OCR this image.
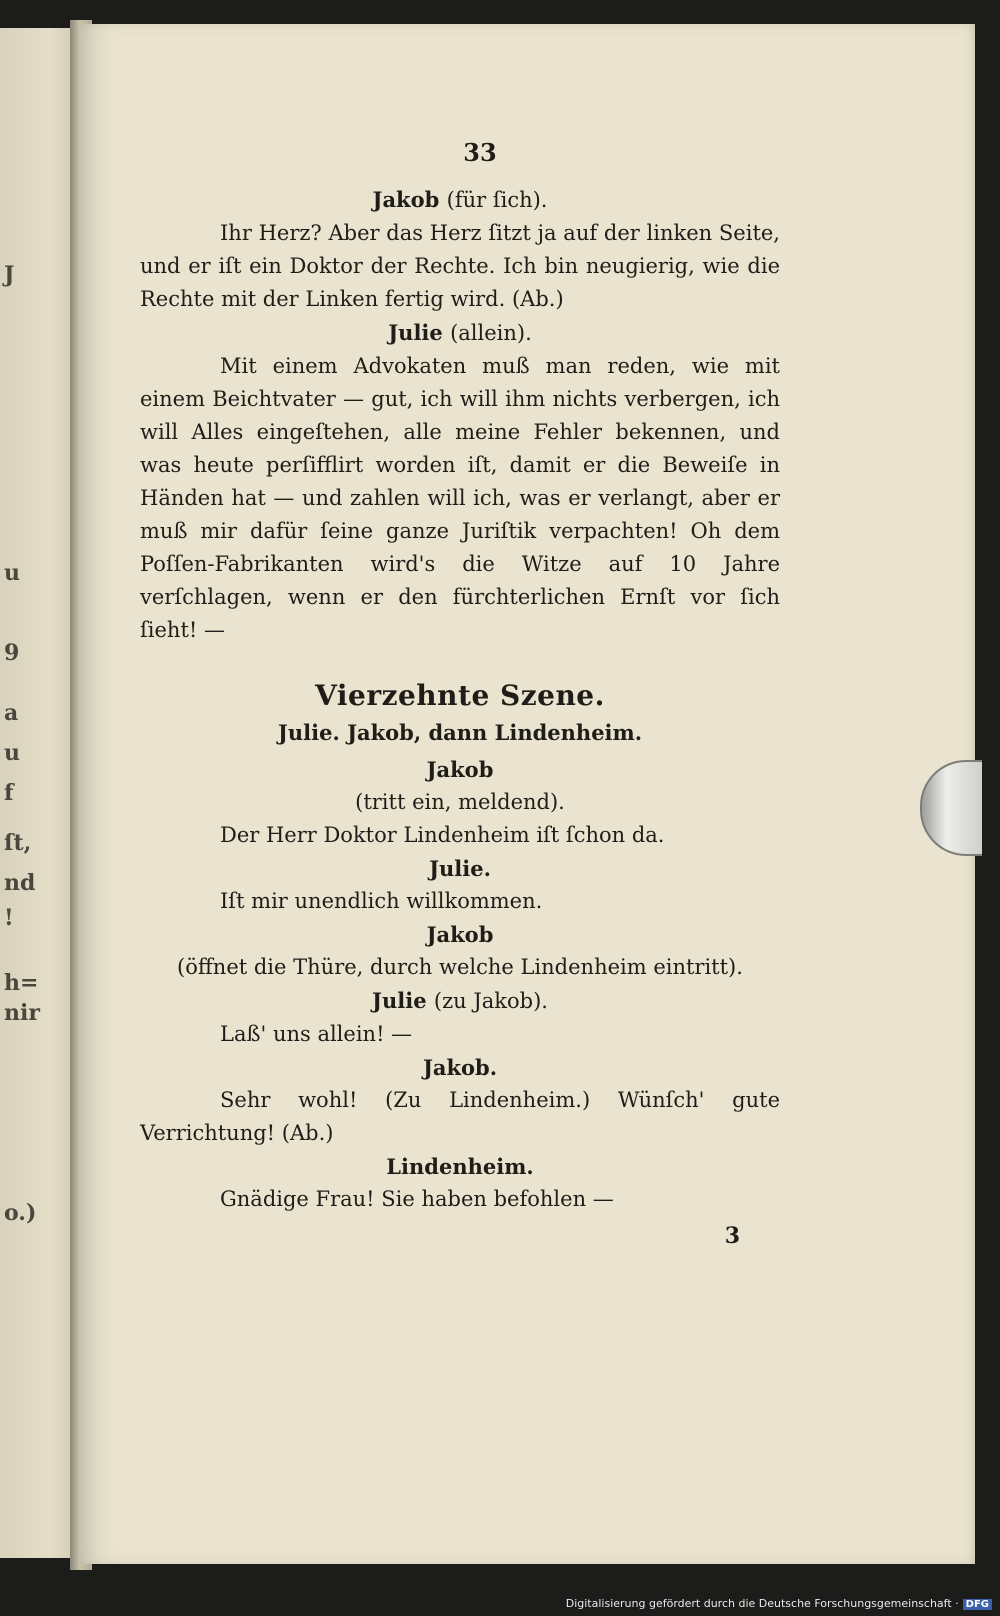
J
u
9
a
u
f
ſt,
nd
!
h=
nir
o.)
33

Jakob (für ſich).

Ihr Herz? Aber das Herz ſitzt ja auf der linken Seite, und er iſt ein Doktor der Rechte. Ich bin neugierig, wie die Rechte mit der Linken fertig wird. (Ab.)

Julie (allein).

Mit einem Advokaten muß man reden, wie mit einem Beichtvater — gut, ich will ihm nichts verbergen, ich will Alles eingeſtehen, alle meine Fehler bekennen, und was heute perſifflirt worden iſt, damit er die Beweiſe in Händen hat — und zahlen will ich, was er verlangt, aber er muß mir dafür ſeine ganze Juriſtik verpachten! Oh dem Poſſen-Fabrikanten wird's die Witze auf 10 Jahre verſchlagen, wenn er den fürchterlichen Ernſt vor ſich ſieht! —

Vierzehnte Szene.
Julie. Jakob, dann Lindenheim.

Jakob

(tritt ein, meldend).

Der Herr Doktor Lindenheim iſt ſchon da.

Julie.

Iſt mir unendlich willkommen.

Jakob

(öffnet die Thüre, durch welche Lindenheim eintritt).

Julie (zu Jakob).

Laß' uns allein! —

Jakob.

Sehr wohl! (Zu Lindenheim.) Wünſch' gute Verrichtung! (Ab.)

Lindenheim.

Gnädige Frau! Sie haben befohlen —

3
Digitalisierung gefördert durch die Deutsche Forschungsgemeinschaft · DFG
